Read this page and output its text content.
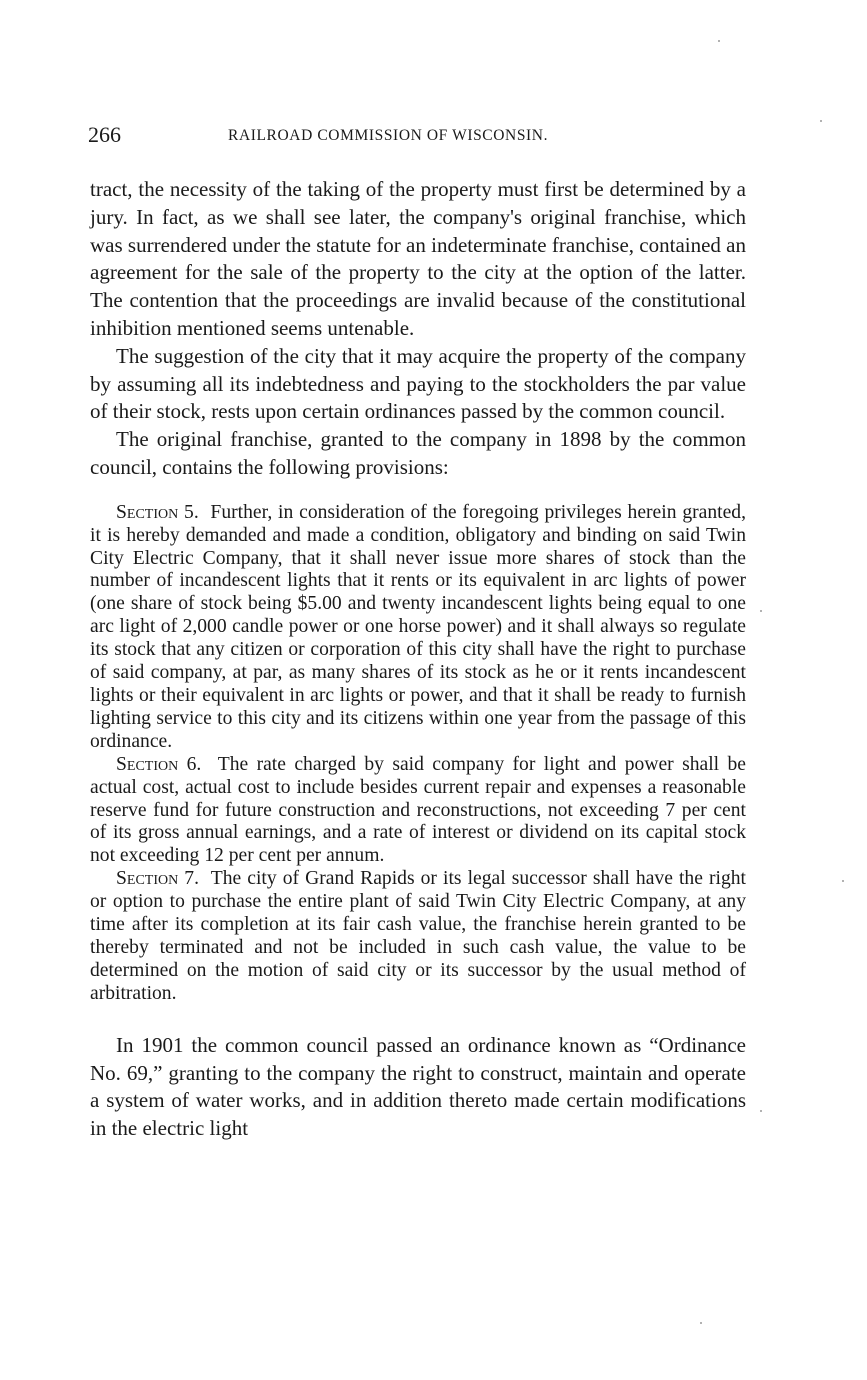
266	RAILROAD COMMISSION OF WISCONSIN.

tract, the necessity of the taking of the property must first be determined by a jury. In fact, as we shall see later, the company's original franchise, which was surrendered under the statute for an indeterminate franchise, contained an agreement for the sale of the property to the city at the option of the latter. The contention that the proceedings are invalid because of the constitutional inhibition mentioned seems untenable.

The suggestion of the city that it may acquire the property of the company by assuming all its indebtedness and paying to the stockholders the par value of their stock, rests upon certain ordinances passed by the common council.

The original franchise, granted to the company in 1898 by the common council, contains the following provisions:

Section 5. Further, in consideration of the foregoing privileges herein granted, it is hereby demanded and made a condition, obligatory and binding on said Twin City Electric Company, that it shall never issue more shares of stock than the number of incandescent lights that it rents or its equivalent in arc lights of power (one share of stock being $5.00 and twenty incandescent lights being equal to one arc light of 2,000 candle power or one horse power) and it shall always so regulate its stock that any citizen or corporation of this city shall have the right to purchase of said company, at par, as many shares of its stock as he or it rents incandescent lights or their equivalent in arc lights or power, and that it shall be ready to furnish lighting service to this city and its citizens within one year from the passage of this ordinance.

Section 6. The rate charged by said company for light and power shall be actual cost, actual cost to include besides current repair and expenses a reasonable reserve fund for future construction and reconstructions, not exceeding 7 per cent of its gross annual earnings, and a rate of interest or dividend on its capital stock not exceeding 12 per cent per annum.

Section 7. The city of Grand Rapids or its legal successor shall have the right or option to purchase the entire plant of said Twin City Electric Company, at any time after its completion at its fair cash value, the franchise herein granted to be thereby terminated and not be included in such cash value, the value to be determined on the motion of said city or its successor by the usual method of arbitration.

In 1901 the common council passed an ordinance known as “Ordinance No. 69,” granting to the company the right to construct, maintain and operate a system of water works, and in addition thereto made certain modifications in the electric light
